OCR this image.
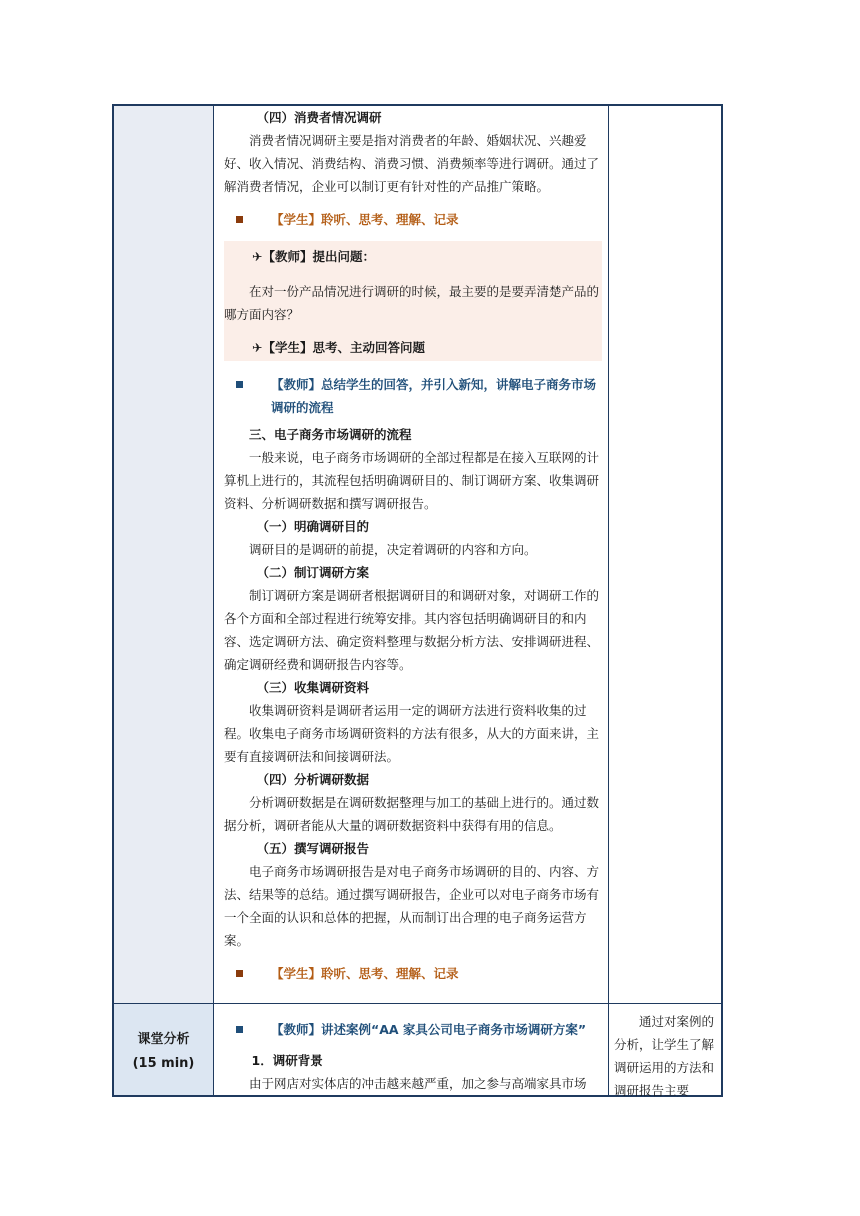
（四）消费者情况调研

消费者情况调研主要是指对消费者的年龄、婚姻状况、兴趣爱好、收入情况、消费结构、消费习惯、消费频率等进行调研。通过了解消费者情况，企业可以制订更有针对性的产品推广策略。

【学生】聆听、思考、理解、记录

✈【教师】提出问题：

在对一份产品情况进行调研的时候，最主要的是要弄清楚产品的哪方面内容？

✈【学生】思考、主动回答问题

【教师】总结学生的回答，并引入新知，讲解电子商务市场调研的流程

三、电子商务市场调研的流程

一般来说，电子商务市场调研的全部过程都是在接入互联网的计算机上进行的，其流程包括明确调研目的、制订调研方案、收集调研资料、分析调研数据和撰写调研报告。

（一）明确调研目的

调研目的是调研的前提，决定着调研的内容和方向。

（二）制订调研方案

制订调研方案是调研者根据调研目的和调研对象，对调研工作的各个方面和全部过程进行统筹安排。其内容包括明确调研目的和内容、选定调研方法、确定资料整理与数据分析方法、安排调研进程、确定调研经费和调研报告内容等。

（三）收集调研资料

收集调研资料是调研者运用一定的调研方法进行资料收集的过程。收集电子商务市场调研资料的方法有很多，从大的方面来讲，主要有直接调研法和间接调研法。

（四）分析调研数据

分析调研数据是在调研数据整理与加工的基础上进行的。通过数据分析，调研者能从大量的调研数据资料中获得有用的信息。

（五）撰写调研报告

电子商务市场调研报告是对电子商务市场调研的目的、内容、方法、结果等的总结。通过撰写调研报告，企业可以对电子商务市场有一个全面的认识和总体的把握，从而制订出合理的电子商务运营方案。

【学生】聆听、思考、理解、记录
课堂分析
(15 min)
【教师】讲述案例“AA 家具公司电子商务市场调研方案”

1．调研背景

由于网店对实体店的冲击越来越严重，加之参与高端家具市场

通过对案例的分析，让学生了解调研运用的方法和调研报告主要
